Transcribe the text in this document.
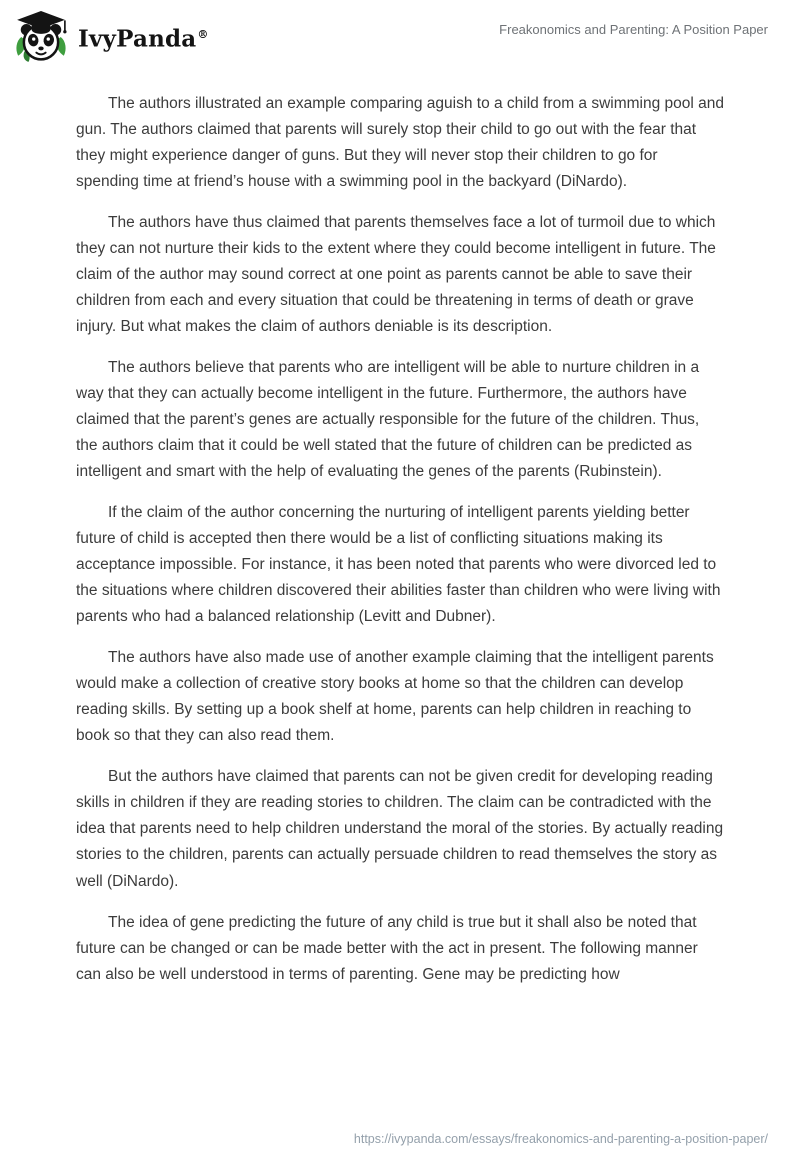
IvyPanda®	Freakonomics and Parenting: A Position Paper

The authors illustrated an example comparing aguish to a child from a swimming pool and gun. The authors claimed that parents will surely stop their child to go out with the fear that they might experience danger of guns. But they will never stop their children to go for spending time at friend’s house with a swimming pool in the backyard (DiNardo).

The authors have thus claimed that parents themselves face a lot of turmoil due to which they can not nurture their kids to the extent where they could become intelligent in future. The claim of the author may sound correct at one point as parents cannot be able to save their children from each and every situation that could be threatening in terms of death or grave injury. But what makes the claim of authors deniable is its description.

The authors believe that parents who are intelligent will be able to nurture children in a way that they can actually become intelligent in the future. Furthermore, the authors have claimed that the parent’s genes are actually responsible for the future of the children. Thus, the authors claim that it could be well stated that the future of children can be predicted as intelligent and smart with the help of evaluating the genes of the parents (Rubinstein).

If the claim of the author concerning the nurturing of intelligent parents yielding better future of child is accepted then there would be a list of conflicting situations making its acceptance impossible. For instance, it has been noted that parents who were divorced led to the situations where children discovered their abilities faster than children who were living with parents who had a balanced relationship (Levitt and Dubner).

The authors have also made use of another example claiming that the intelligent parents would make a collection of creative story books at home so that the children can develop reading skills. By setting up a book shelf at home, parents can help children in reaching to book so that they can also read them.

But the authors have claimed that parents can not be given credit for developing reading skills in children if they are reading stories to children. The claim can be contradicted with the idea that parents need to help children understand the moral of the stories. By actually reading stories to the children, parents can actually persuade children to read themselves the story as well (DiNardo).

The idea of gene predicting the future of any child is true but it shall also be noted that future can be changed or can be made better with the act in present. The following manner can also be well understood in terms of parenting. Gene may be predicting how

https://ivypanda.com/essays/freakonomics-and-parenting-a-position-paper/
